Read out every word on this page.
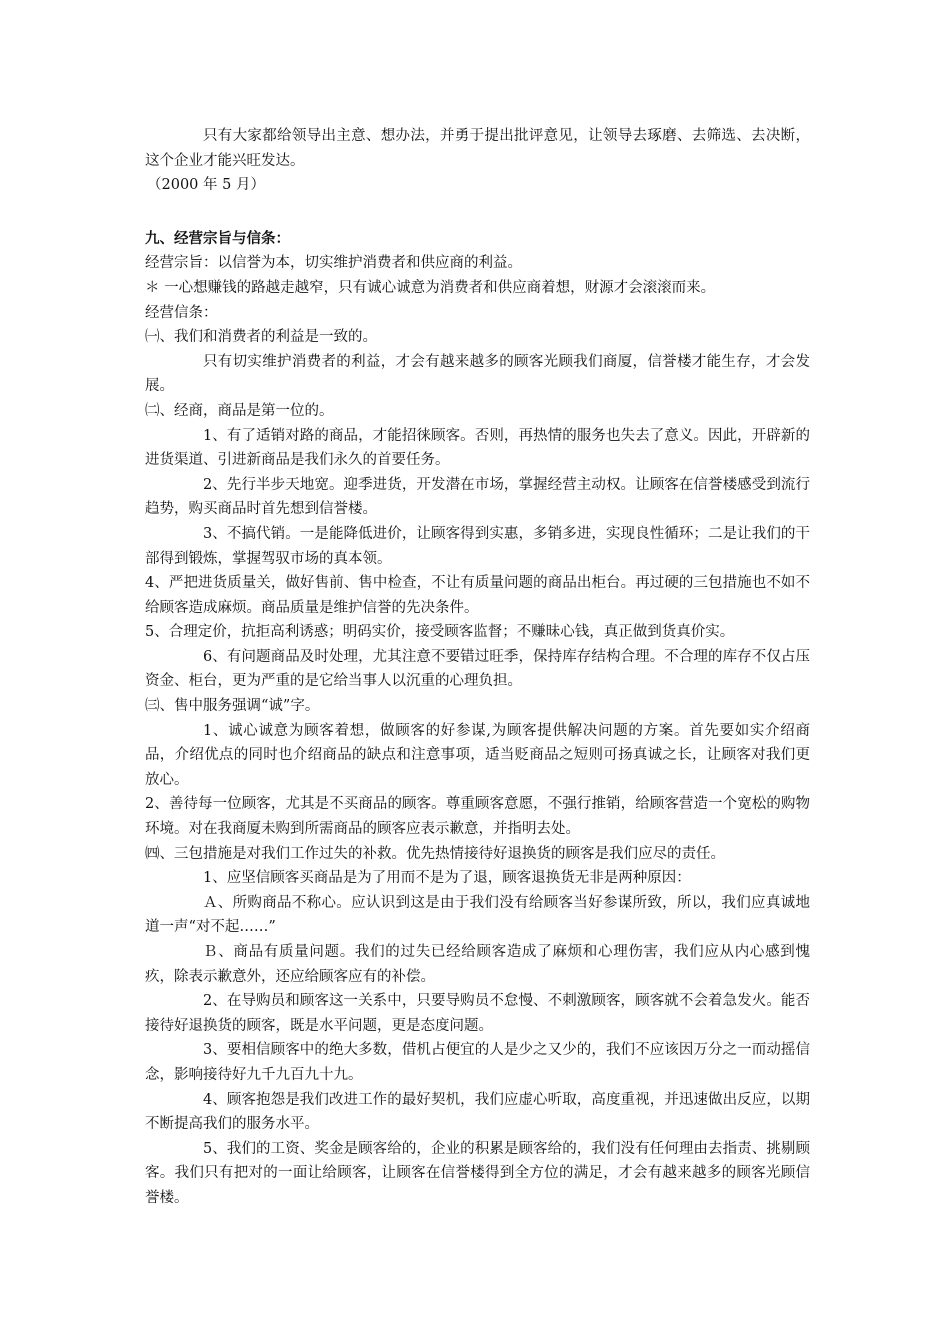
只有大家都给领导出主意、想办法，并勇于提出批评意见，让领导去琢磨、去筛选、去决断，这个企业才能兴旺发达。

（2000 年 5 月）

九、经营宗旨与信条：

经营宗旨：以信誉为本，切实维护消费者和供应商的利益。

＊ 一心想赚钱的路越走越窄，只有诚心诚意为消费者和供应商着想，财源才会滚滚而来。

经营信条：

㈠、我们和消费者的利益是一致的。

只有切实维护消费者的利益，才会有越来越多的顾客光顾我们商厦，信誉楼才能生存，才会发展。

㈡、经商，商品是第一位的。

1、有了适销对路的商品，才能招徕顾客。否则，再热情的服务也失去了意义。因此，开辟新的进货渠道、引进新商品是我们永久的首要任务。

2、先行半步天地宽。迎季进货，开发潜在市场，掌握经营主动权。让顾客在信誉楼感受到流行趋势，购买商品时首先想到信誉楼。

3、不搞代销。一是能降低进价，让顾客得到实惠，多销多进，实现良性循环；二是让我们的干部得到锻炼，掌握驾驭市场的真本领。

4、严把进货质量关，做好售前、售中检查，不让有质量问题的商品出柜台。再过硬的三包措施也不如不给顾客造成麻烦。商品质量是维护信誉的先决条件。

5、合理定价，抗拒高利诱惑；明码实价，接受顾客监督；不赚昧心钱，真正做到货真价实。

6、有问题商品及时处理，尤其注意不要错过旺季，保持库存结构合理。不合理的库存不仅占压资金、柜台，更为严重的是它给当事人以沉重的心理负担。

㈢、售中服务强调“诚”字。

1、诚心诚意为顾客着想，做顾客的好参谋,为顾客提供解决问题的方案。首先要如实介绍商品，介绍优点的同时也介绍商品的缺点和注意事项，适当贬商品之短则可扬真诚之长，让顾客对我们更放心。

2、善待每一位顾客，尤其是不买商品的顾客。尊重顾客意愿，不强行推销，给顾客营造一个宽松的购物环境。对在我商厦未购到所需商品的顾客应表示歉意，并指明去处。

㈣、三包措施是对我们工作过失的补救。优先热情接待好退换货的顾客是我们应尽的责任。

1、应坚信顾客买商品是为了用而不是为了退，顾客退换货无非是两种原因：

Ａ、所购商品不称心。应认识到这是由于我们没有给顾客当好参谋所致，所以，我们应真诚地道一声“对不起……”

Ｂ、商品有质量问题。我们的过失已经给顾客造成了麻烦和心理伤害，我们应从内心感到愧疚，除表示歉意外，还应给顾客应有的补偿。

2、在导购员和顾客这一关系中，只要导购员不怠慢、不刺激顾客，顾客就不会着急发火。能否接待好退换货的顾客，既是水平问题，更是态度问题。

3、要相信顾客中的绝大多数，借机占便宜的人是少之又少的，我们不应该因万分之一而动摇信念，影响接待好九千九百九十九。

4、顾客抱怨是我们改进工作的最好契机，我们应虚心听取，高度重视，并迅速做出反应，以期不断提高我们的服务水平。

5、我们的工资、奖金是顾客给的，企业的积累是顾客给的，我们没有任何理由去指责、挑剔顾客。我们只有把对的一面让给顾客，让顾客在信誉楼得到全方位的满足，才会有越来越多的顾客光顾信誉楼。
